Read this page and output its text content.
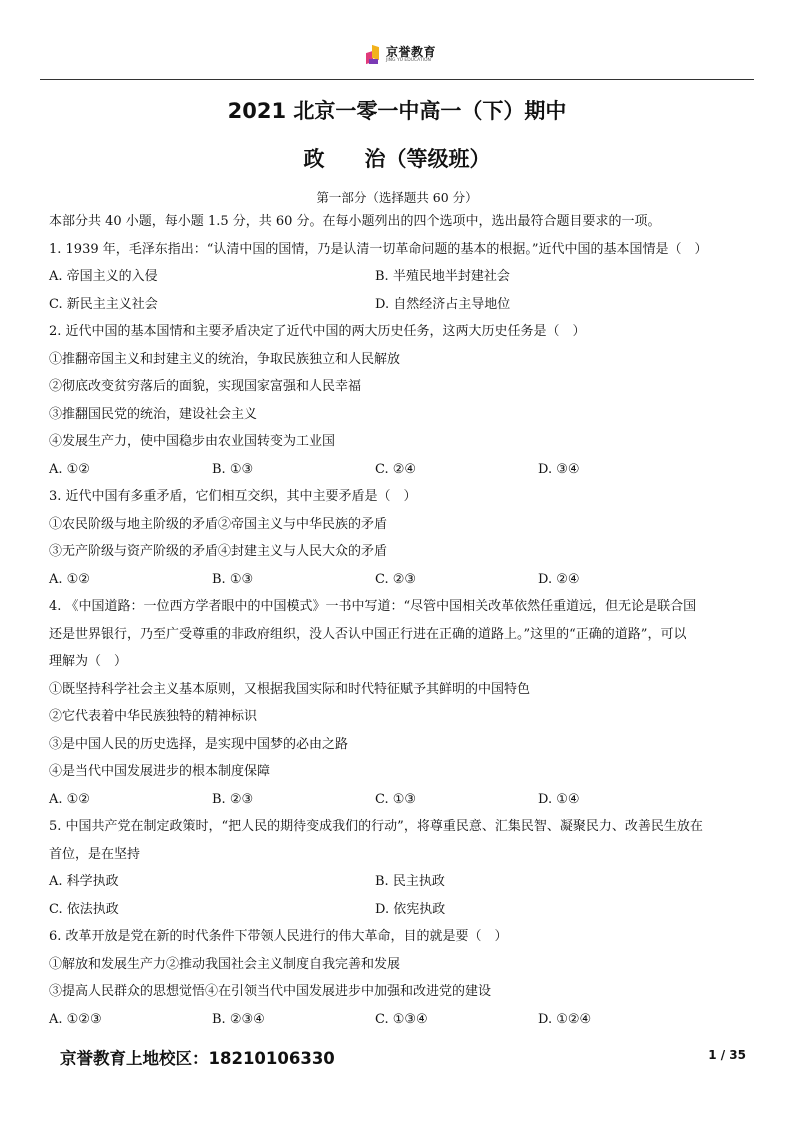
京誉教育
JING YU EDUCATION
2021 北京一零一中高一（下）期中
政 治（等级班）
第一部分（选择题共 60 分）
本部分共 40 小题，每小题 1.5 分，共 60 分。在每小题列出的四个选项中，选出最符合题目要求的一项。
1. 1939 年，毛泽东指出：“认清中国的国情，乃是认清一切革命问题的基本的根据。”近代中国的基本国情是（　）
A. 帝国主义的入侵	B. 半殖民地半封建社会
C. 新民主主义社会	D. 自然经济占主导地位
2. 近代中国的基本国情和主要矛盾决定了近代中国的两大历史任务，这两大历史任务是（　）
①推翻帝国主义和封建主义的统治，争取民族独立和人民解放
②彻底改变贫穷落后的面貌，实现国家富强和人民幸福
③推翻国民党的统治，建设社会主义
④发展生产力，使中国稳步由农业国转变为工业国
A. ①②	B. ①③	C. ②④	D. ③④
3. 近代中国有多重矛盾，它们相互交织，其中主要矛盾是（　）
①农民阶级与地主阶级的矛盾②帝国主义与中华民族的矛盾
③无产阶级与资产阶级的矛盾④封建主义与人民大众的矛盾
A. ①②	B. ①③	C. ②③	D. ②④
4. 《中国道路：一位西方学者眼中的中国模式》一书中写道：“尽管中国相关改革依然任重道远，但无论是联合国
还是世界银行，乃至广受尊重的非政府组织，没人否认中国正行进在正确的道路上。”这里的“正确的道路”，可以
理解为（　）
①既坚持科学社会主义基本原则，又根据我国实际和时代特征赋予其鲜明的中国特色
②它代表着中华民族独特的精神标识
③是中国人民的历史选择，是实现中国梦的必由之路
④是当代中国发展进步的根本制度保障
A. ①②	B. ②③	C. ①③	D. ①④
5. 中国共产党在制定政策时，“把人民的期待变成我们的行动”，将尊重民意、汇集民智、凝聚民力、改善民生放在
首位，是在坚持
A. 科学执政	B. 民主执政
C. 依法执政	D. 依宪执政
6. 改革开放是党在新的时代条件下带领人民进行的伟大革命，目的就是要（　）
①解放和发展生产力②推动我国社会主义制度自我完善和发展
③提高人民群众的思想觉悟④在引领当代中国发展进步中加强和改进党的建设
A. ①②③	B. ②③④	C. ①③④	D. ①②④
京誉教育上地校区：18210106330	1 / 35
